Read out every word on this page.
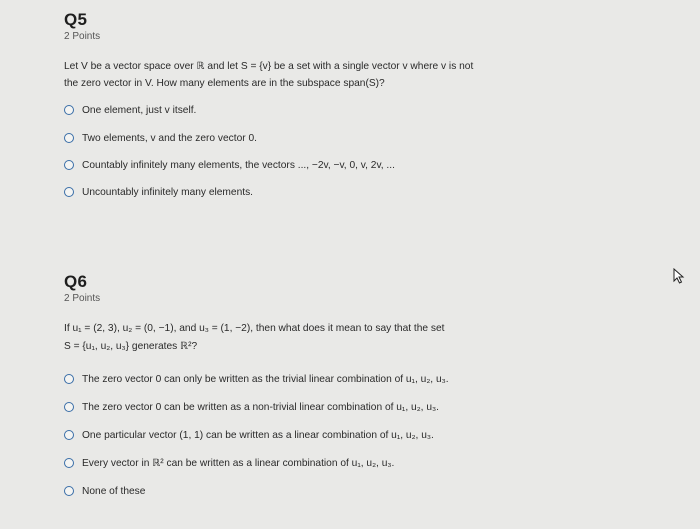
Q5
2 Points
Let V be a vector space over ℝ and let S = {v} be a set with a single vector v where v is not
the zero vector in V. How many elements are in the subspace span(S)?
One element, just v itself.
Two elements, v and the zero vector 0.
Countably infinitely many elements, the vectors ..., −2v, −v, 0, v, 2v, ...
Uncountably infinitely many elements.
Q6
2 Points
If u₁ = (2, 3), u₂ = (0, −1), and u₃ = (1, −2), then what does it mean to say that the set
S = {u₁, u₂, u₃} generates ℝ²?
The zero vector 0 can only be written as the trivial linear combination of u₁, u₂, u₃.
The zero vector 0 can be written as a non-trivial linear combination of u₁, u₂, u₃.
One particular vector (1, 1) can be written as a linear combination of u₁, u₂, u₃.
Every vector in ℝ² can be written as a linear combination of u₁, u₂, u₃.
None of these
